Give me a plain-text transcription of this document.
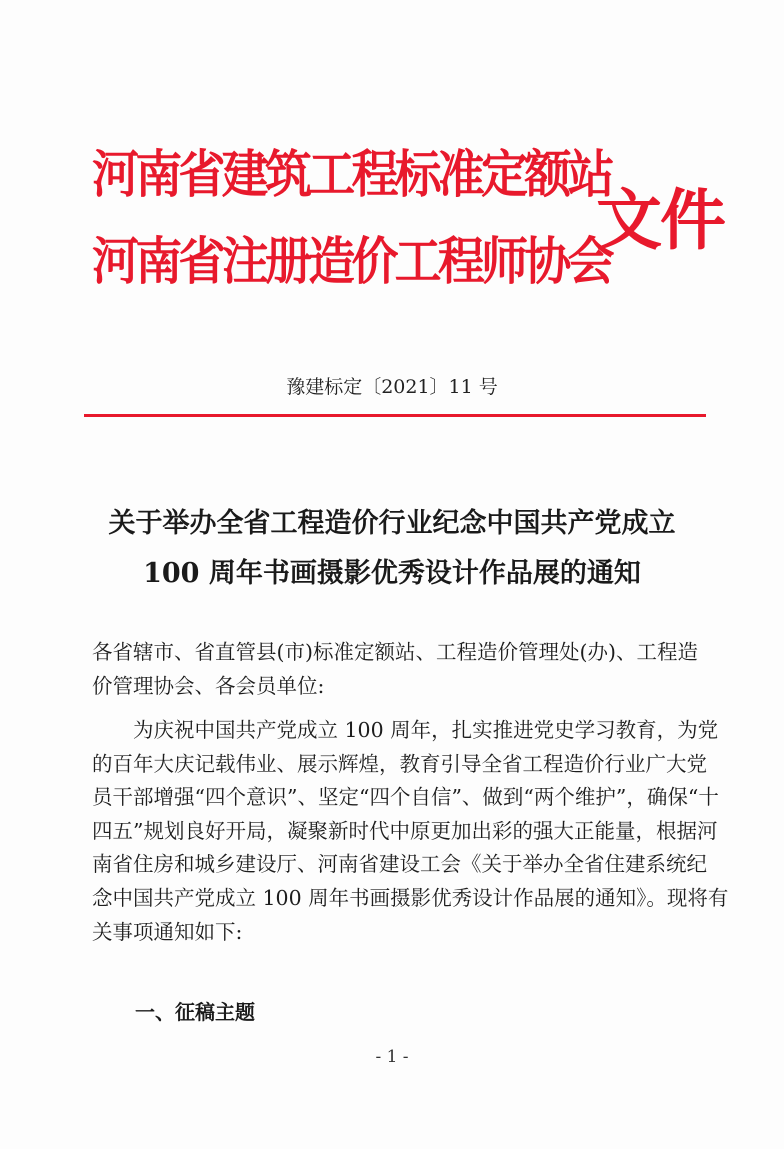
河南省建筑工程标准定额站
河南省注册造价工程师协会
文件
豫建标定〔2021〕11 号
关于举办全省工程造价行业纪念中国共产党成立
100 周年书画摄影优秀设计作品展的通知
各省辖市、省直管县(市)标准定额站、工程造价管理处(办)、工程造
价管理协会、各会员单位:
为庆祝中国共产党成立 100 周年，扎实推进党史学习教育，为党
的百年大庆记载伟业、展示辉煌，教育引导全省工程造价行业广大党
员干部增强“四个意识”、坚定“四个自信”、做到“两个维护”，确保“十
四五”规划良好开局，凝聚新时代中原更加出彩的强大正能量，根据河
南省住房和城乡建设厅、河南省建设工会《关于举办全省住建系统纪
念中国共产党成立 100 周年书画摄影优秀设计作品展的通知》。现将有
关事项通知如下:
一、征稿主题
- 1 -
